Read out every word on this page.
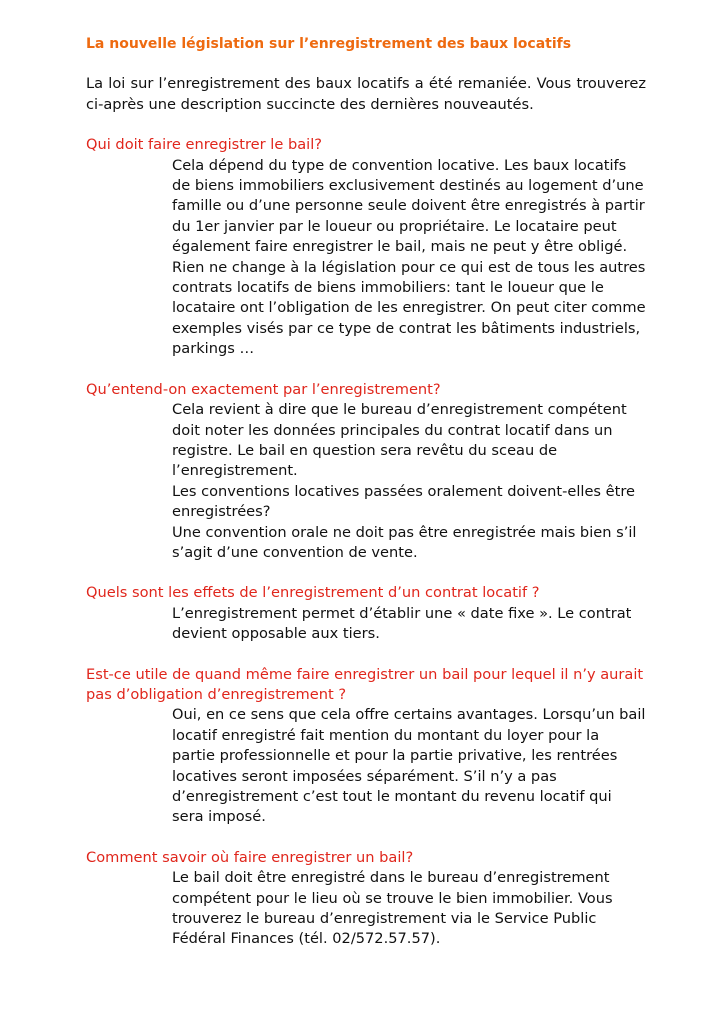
La nouvelle législation sur l’enregistrement des baux locatifs

La loi sur l’enregistrement des baux locatifs a été remaniée. Vous trouverez ci-après une description succincte des dernières nouveautés.

Qui doit faire enregistrer le bail?

Cela dépend du type de convention locative. Les baux locatifs de biens immobiliers exclusivement destinés au logement d’une famille ou d’une personne seule doivent être enregistrés à partir du 1er janvier par le loueur ou propriétaire. Le locataire peut également faire enregistrer le bail, mais ne peut y être obligé. Rien ne change à la législation pour ce qui est de tous les autres contrats locatifs de biens immobiliers: tant le loueur que le locataire ont l’obligation de les enregistrer. On peut citer comme exemples visés par ce type de contrat les bâtiments industriels, parkings …

Qu’entend-on exactement par l’enregistrement?

Cela revient à dire que le bureau d’enregistrement compétent doit noter les données principales du contrat locatif dans un registre. Le bail en question sera revêtu du sceau de l’enregistrement.

Les conventions locatives passées oralement doivent-elles être enregistrées?

Une convention orale ne doit pas être enregistrée mais bien s’il s’agit d’une convention de vente.

Quels sont les effets de l’enregistrement d’un contrat locatif ?

L’enregistrement permet d’établir une « date fixe ». Le contrat devient opposable aux tiers.

Est-ce utile de quand même faire enregistrer un bail pour lequel il n’y aurait pas d’obligation d’enregistrement ?

Oui, en ce sens que cela offre certains avantages. Lorsqu’un bail locatif enregistré fait mention du montant du loyer pour la partie professionnelle et pour la partie privative, les rentrées locatives seront imposées séparément. S’il n’y a pas d’enregistrement c’est tout le montant du revenu locatif qui sera imposé.

Comment savoir où faire enregistrer un bail?

Le bail doit être enregistré dans le bureau d’enregistrement compétent pour le lieu où se trouve le bien immobilier. Vous trouverez le bureau d’enregistrement via le Service Public Fédéral Finances (tél. 02/572.57.57).
